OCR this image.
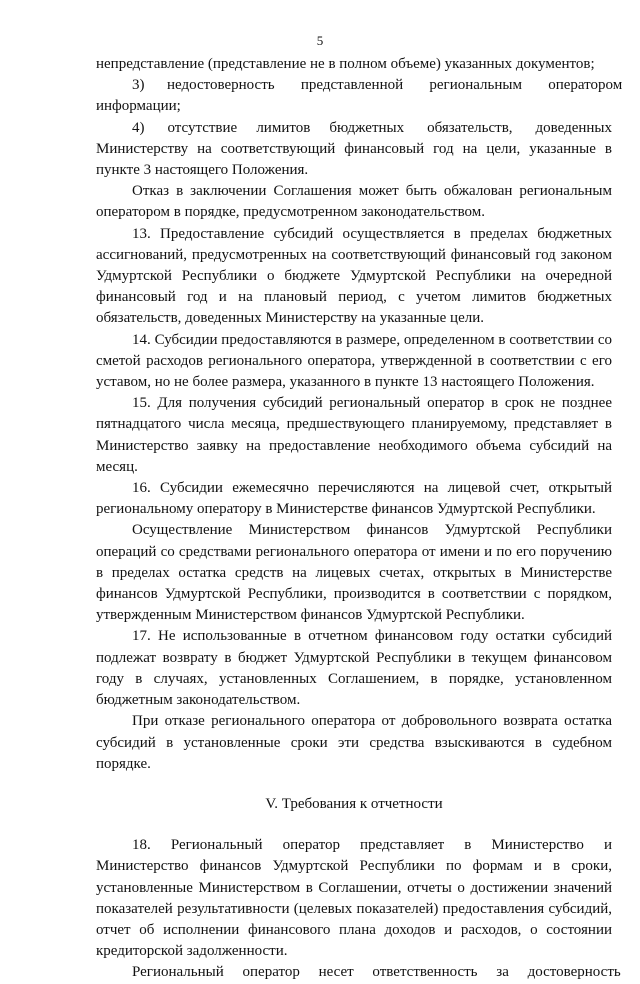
5

непредставление (представление не в полном объеме) указанных документов;

3)      недостоверность       представленной       региональным       оператором информации;

4)      отсутствие     лимитов     бюджетных      обязательств,      доведенных Министерству на соответствующий финансовый год на цели, указанные в пункте 3 настоящего Положения.

Отказ в заключении Соглашения может быть обжалован региональным оператором в порядке, предусмотренном законодательством.

13. Предоставление субсидий осуществляется в пределах бюджетных ассигнований, предусмотренных на соответствующий финансовый год законом Удмуртской Республики о бюджете Удмуртской Республики на очередной финансовый год и на плановый период, с учетом лимитов бюджетных обязательств, доведенных Министерству на указанные цели.

14. Субсидии предоставляются в размере, определенном в соответствии со сметой расходов регионального оператора, утвержденной в соответствии с его уставом, но не более размера, указанного в пункте 13 настоящего Положения.

15. Для получения субсидий региональный оператор в срок не позднее пятнадцатого числа месяца, предшествующего планируемому, представляет в Министерство заявку на предоставление необходимого объема субсидий на месяц.

16. Субсидии ежемесячно перечисляются на лицевой счет, открытый региональному оператору в Министерстве финансов Удмуртской Республики.

Осуществление Министерством финансов Удмуртской Республики операций со средствами регионального оператора от имени и по его поручению в пределах остатка средств на лицевых счетах, открытых в Министерстве финансов Удмуртской Республики, производится в соответствии с порядком, утвержденным Министерством финансов Удмуртской Республики.

17. Не использованные в отчетном финансовом году остатки субсидий подлежат возврату в бюджет Удмуртской Республики в текущем финансовом году в случаях, установленных Соглашением, в порядке, установленном бюджетным законодательством.

При отказе регионального оператора от добровольного возврата остатка субсидий в установленные сроки эти средства взыскиваются в судебном порядке.

V. Требования к отчетности

18.     Региональный     оператор     представляет     в     Министерство     и Министерство финансов Удмуртской Республики по формам и в сроки, установленные Министерством в Соглашении, отчеты о достижении значений показателей результативности (целевых показателей) предоставления субсидий, отчет об исполнении финансового плана доходов и расходов, о состоянии кредиторской задолженности.

Региональный     оператор     несет     ответственность     за     достоверность
